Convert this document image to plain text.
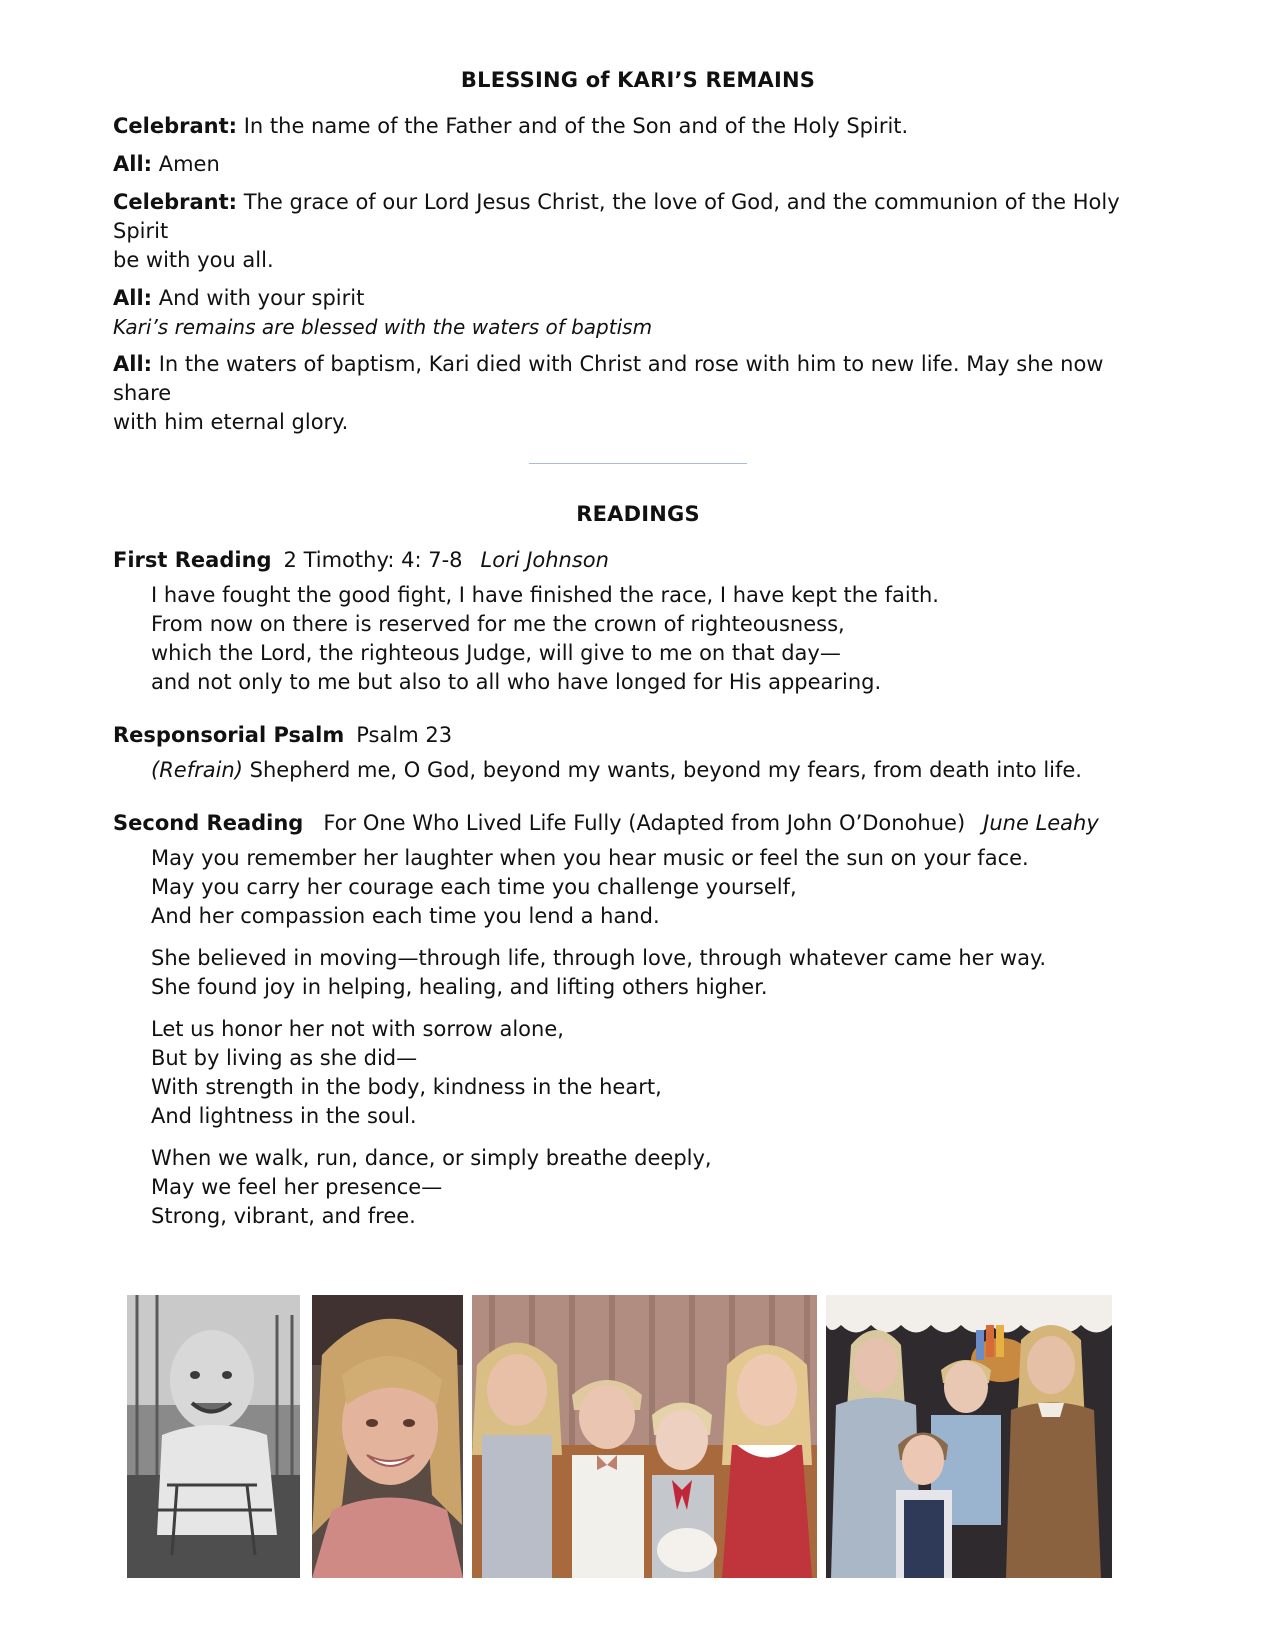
BLESSING of KARI’S REMAINS

Celebrant: In the name of the Father and of the Son and of the Holy Spirit.

All: Amen

Celebrant: The grace of our Lord Jesus Christ, the love of God, and the communion of the Holy Spirit
be with you all.

All: And with your spirit

Kari’s remains are blessed with the waters of baptism

All: In the waters of baptism, Kari died with Christ and rose with him to new life. May she now share
with him eternal glory.

READINGS

First Reading 2 Timothy: 4: 7-8 Lori Johnson

I have fought the good fight, I have finished the race, I have kept the faith.

From now on there is reserved for me the crown of righteousness,

which the Lord, the righteous Judge, will give to me on that day—

and not only to me but also to all who have longed for His appearing.

Responsorial Psalm Psalm 23

(Refrain) Shepherd me, O God, beyond my wants, beyond my fears, from death into life.

Second Reading For One Who Lived Life Fully (Adapted from John O’Donohue) June Leahy

May you remember her laughter when you hear music or feel the sun on your face.

May you carry her courage each time you challenge yourself,

And her compassion each time you lend a hand.

She believed in moving—through life, through love, through whatever came her way.

She found joy in helping, healing, and lifting others higher.

Let us honor her not with sorrow alone,

But by living as she did—

With strength in the body, kindness in the heart,

And lightness in the soul.

When we walk, run, dance, or simply breathe deeply,

May we feel her presence—

Strong, vibrant, and free.
